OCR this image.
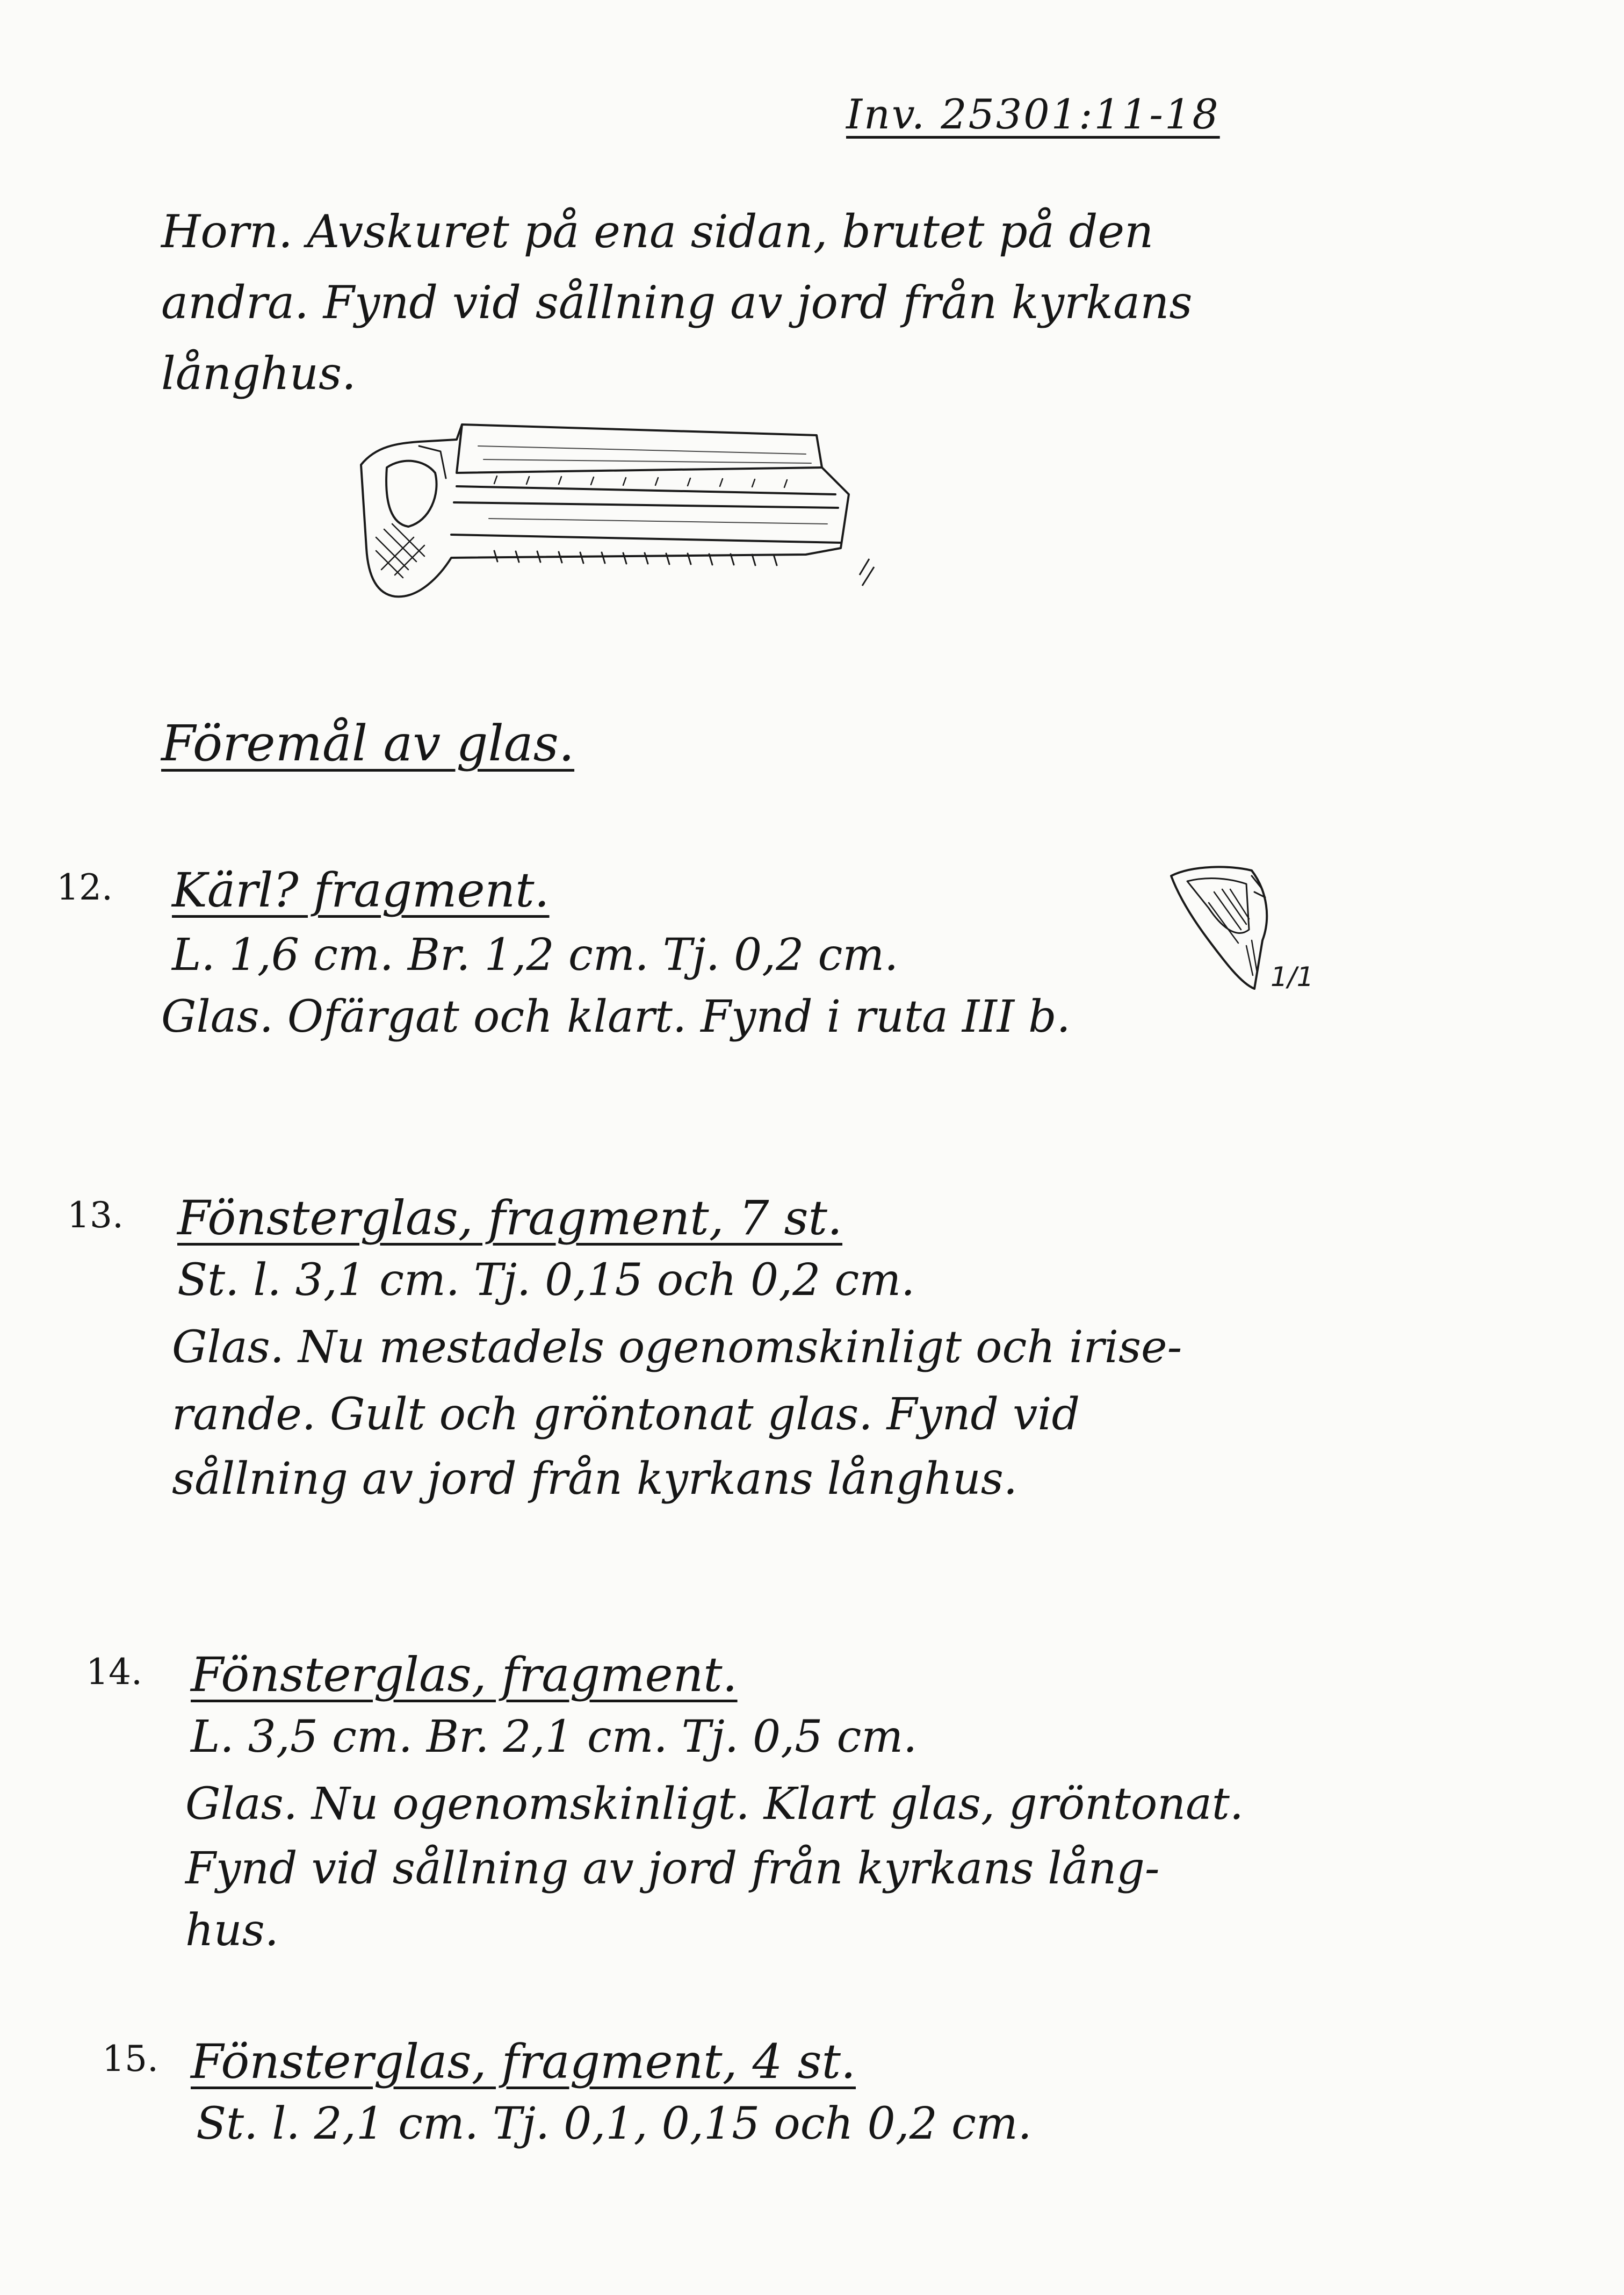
Inv. 25301:11-18
Horn. Avskuret på ena sidan, brutet på den
andra. Fynd vid sållning av jord från kyrkans
långhus.
Föremål av glas.
12. Kärl? fragment.
L. 1,6 cm. Br. 1,2 cm. Tj. 0,2 cm.
Glas. Ofärgat och klart. Fynd i ruta III b.
1/1
13. Fönsterglas, fragment, 7 st.
St. l. 3,1 cm. Tj. 0,15 och 0,2 cm.
Glas. Nu mestadels ogenomskinligt och irise-
rande. Gult och gröntonat glas. Fynd vid
sållning av jord från kyrkans långhus.
14. Fönsterglas, fragment.
L. 3,5 cm. Br. 2,1 cm. Tj. 0,5 cm.
Glas. Nu ogenomskinligt. Klart glas, gröntonat.
Fynd vid sållning av jord från kyrkans lång-
hus.
15. Fönsterglas, fragment, 4 st.
St. l. 2,1 cm. Tj. 0,1, 0,15 och 0,2 cm.
